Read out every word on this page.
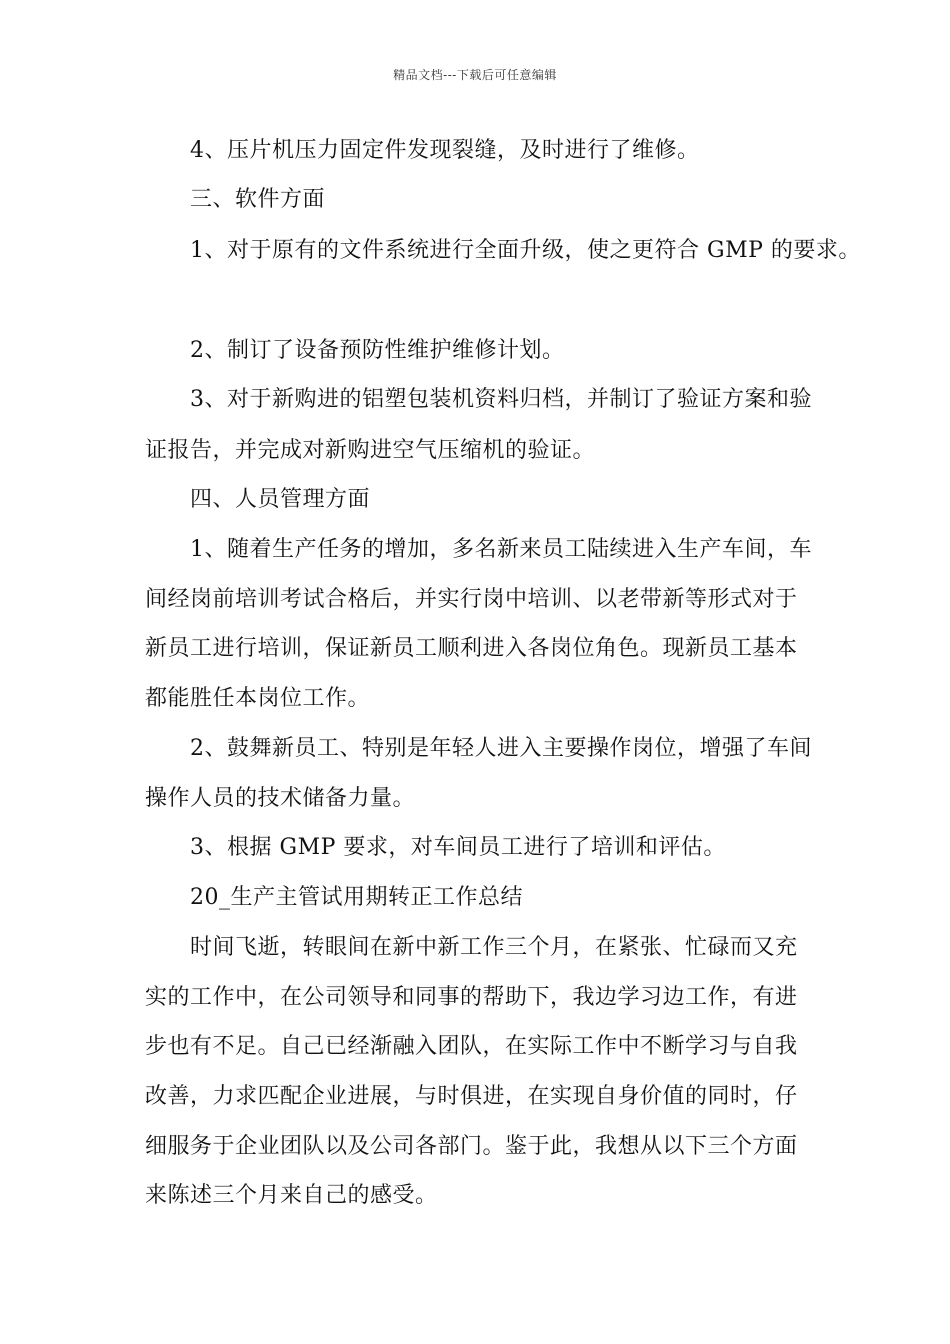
精品文档---下载后可任意编辑
4、压片机压力固定件发现裂缝，及时进行了维修。
三、软件方面
1、对于原有的文件系统进行全面升级，使之更符合 GMP 的要求。
2、制订了设备预防性维护维修计划。
3、对于新购进的铝塑包装机资料归档，并制订了验证方案和验
证报告，并完成对新购进空气压缩机的验证。
四、人员管理方面
1、随着生产任务的增加，多名新来员工陆续进入生产车间，车
间经岗前培训考试合格后，并实行岗中培训、以老带新等形式对于
新员工进行培训，保证新员工顺利进入各岗位角色。现新员工基本
都能胜任本岗位工作。
2、鼓舞新员工、特别是年轻人进入主要操作岗位，增强了车间
操作人员的技术储备力量。
3、根据 GMP 要求，对车间员工进行了培训和评估。
20_生产主管试用期转正工作总结
时间飞逝，转眼间在新中新工作三个月，在紧张、忙碌而又充
实的工作中，在公司领导和同事的帮助下，我边学习边工作，有进
步也有不足。自己已经渐融入团队，在实际工作中不断学习与自我
改善，力求匹配企业进展，与时俱进，在实现自身价值的同时，仔
细服务于企业团队以及公司各部门。鉴于此，我想从以下三个方面
来陈述三个月来自己的感受。
